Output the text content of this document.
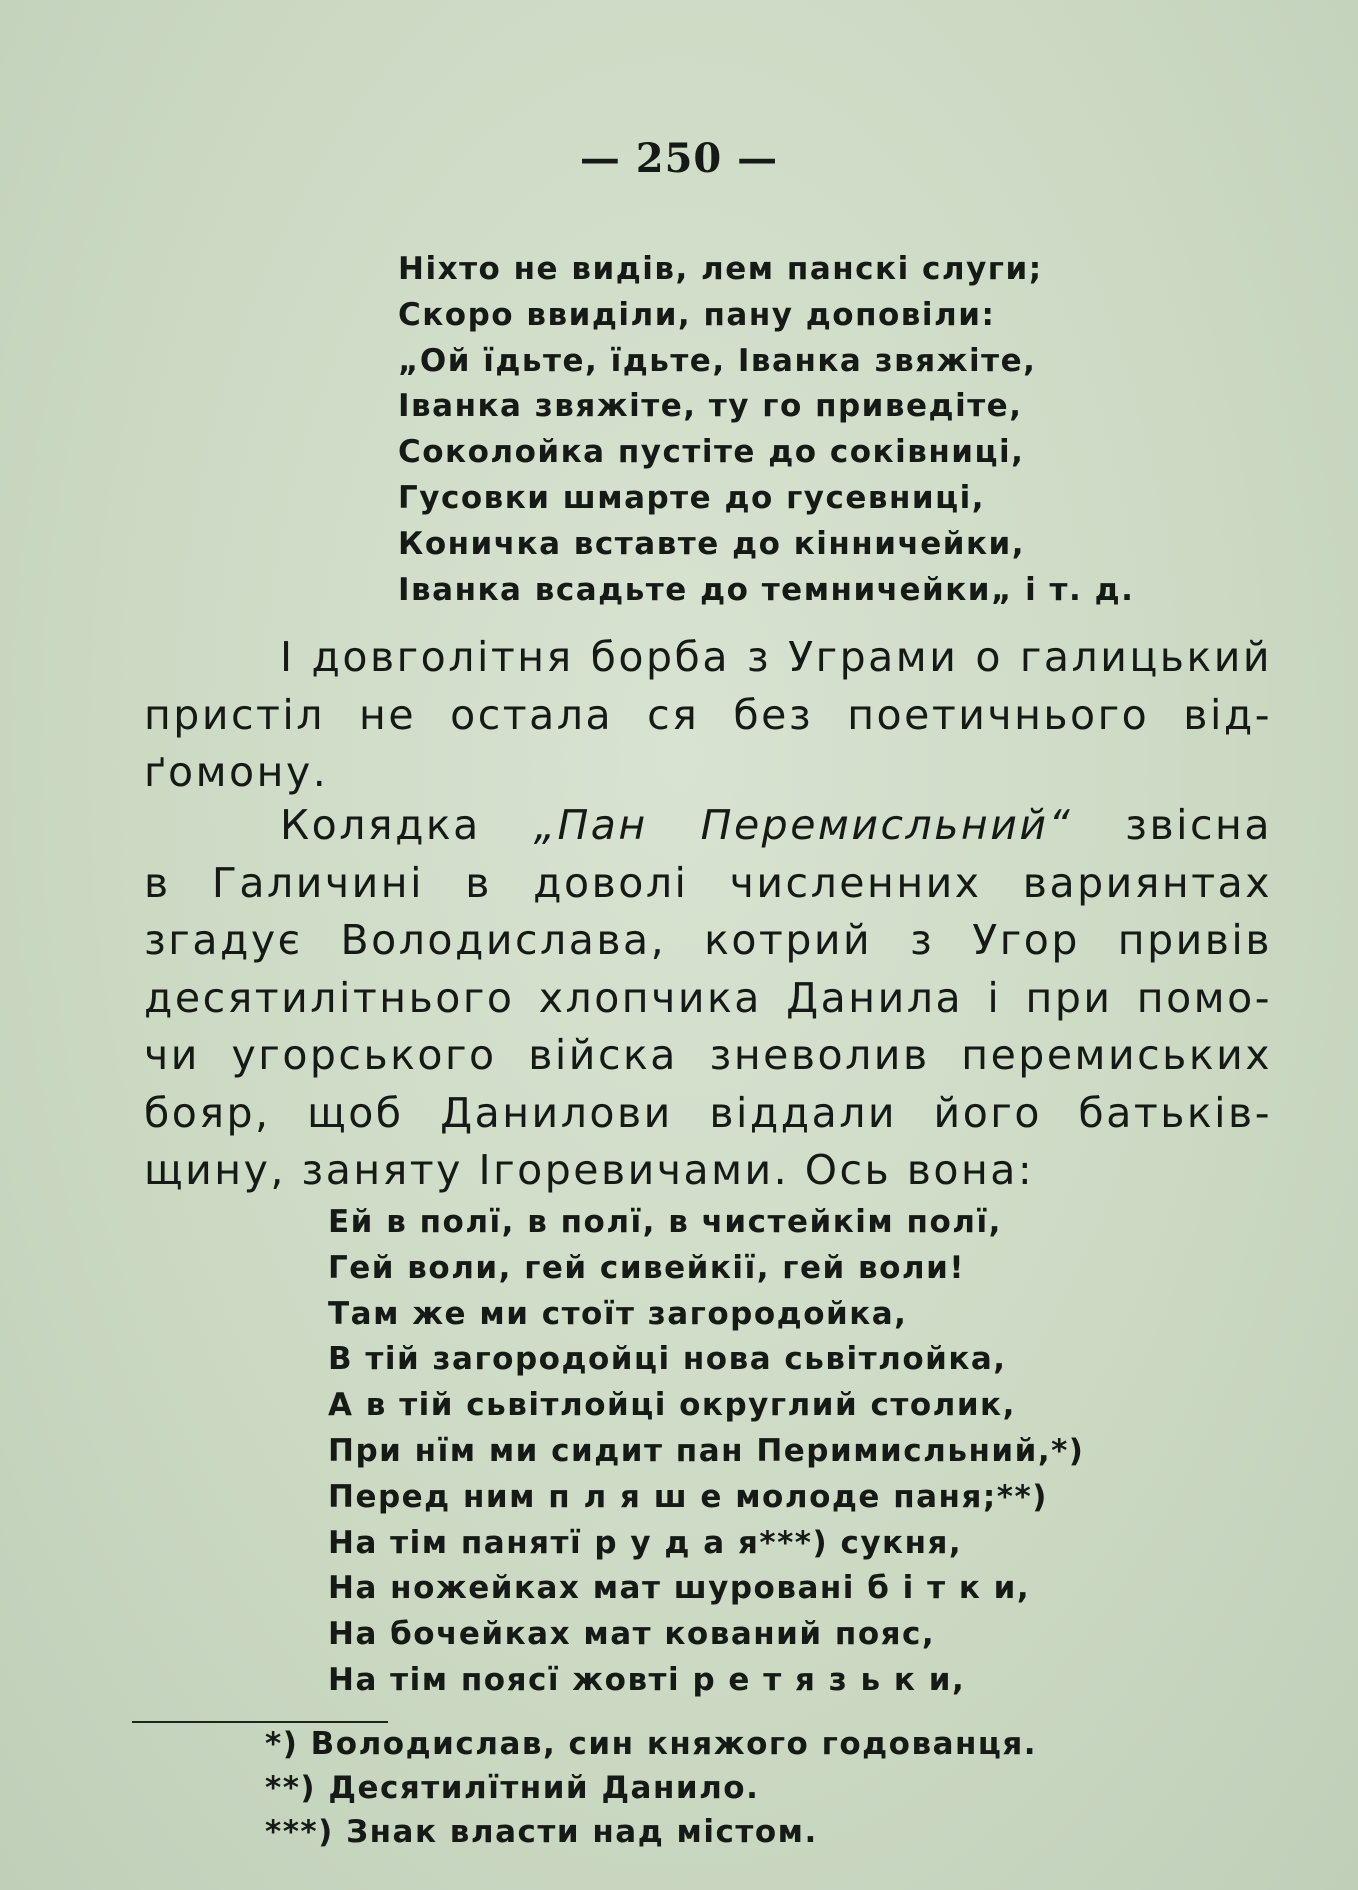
— 250 —
Ніхто не видів, лем панскі слуги;
Скоро ввиділи, пану доповіли:
„Ой їдьте, їдьте, Іванка звяжіте,
Іванка звяжіте, ту го приведіте,
Соколойка пустіте до соківниці,
Гусовки шмарте до гусевниці,
Коничка вставте до кінничейки,
Іванка всадьте до темничейки„ і т. д.
І довголітня борба з Уграми о галицький
пристіл не остала ся без поетичнього від-
ґомону.
Колядка „Пан Перемисльний“ звісна
в Галичині в доволі численних вариянтах
згадує Володислава, котрий з Угор привів
десятилітнього хлопчика Данила і при помо-
чи угорського війска зневолив перемиських
бояр, щоб Данилови віддали його батьків-
щину, заняту Ігоревичами. Ось вона:
Ей в полї, в полї, в чистейкім полї,
Гей воли, гей сивейкії, гей воли!
Там же ми стоїт загородойка,
В тій загородойці нова сьвітлойка,
А в тій сьвітлойці округлий столик,
При нїм ми сидит пан Перимисльний,*)
Перед ним п л я ш е молоде паня;**)
На тім панятї р у д а я***) сукня,
На ножейках мат шуровані б і т к и,
На бочейках мат кований пояс,
На тім поясї жовті р е т я з ь к и,
*) Володислав, син княжого годованця.
**) Десятилїтний Данило.
***) Знак власти над містом.
